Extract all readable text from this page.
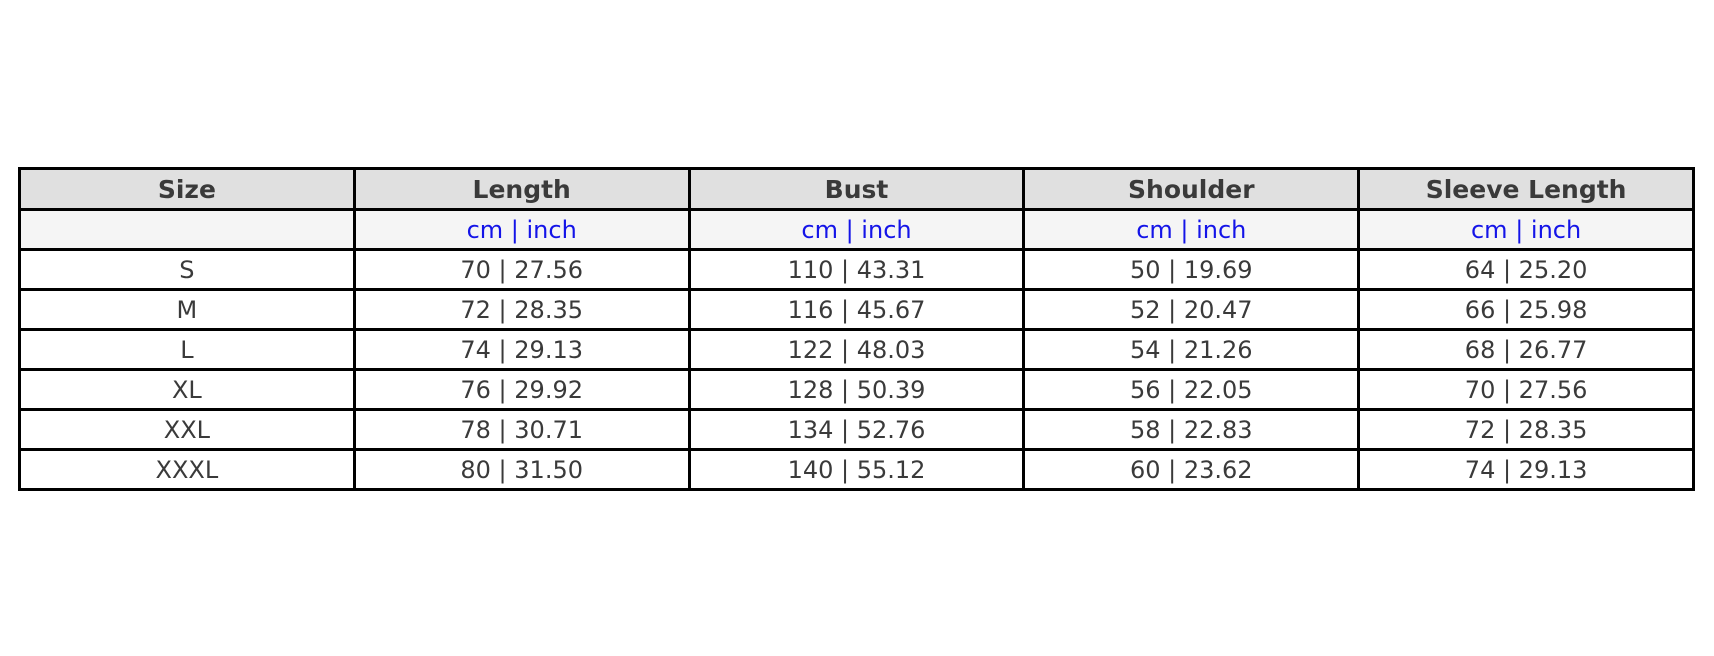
Size	Length	Bust	Shoulder	Sleeve Length
	cm | inch	cm | inch	cm | inch	cm | inch
S	70 | 27.56	110 | 43.31	50 | 19.69	64 | 25.20
M	72 | 28.35	116 | 45.67	52 | 20.47	66 | 25.98
L	74 | 29.13	122 | 48.03	54 | 21.26	68 | 26.77
XL	76 | 29.92	128 | 50.39	56 | 22.05	70 | 27.56
XXL	78 | 30.71	134 | 52.76	58 | 22.83	72 | 28.35
XXXL	80 | 31.50	140 | 55.12	60 | 23.62	74 | 29.13
